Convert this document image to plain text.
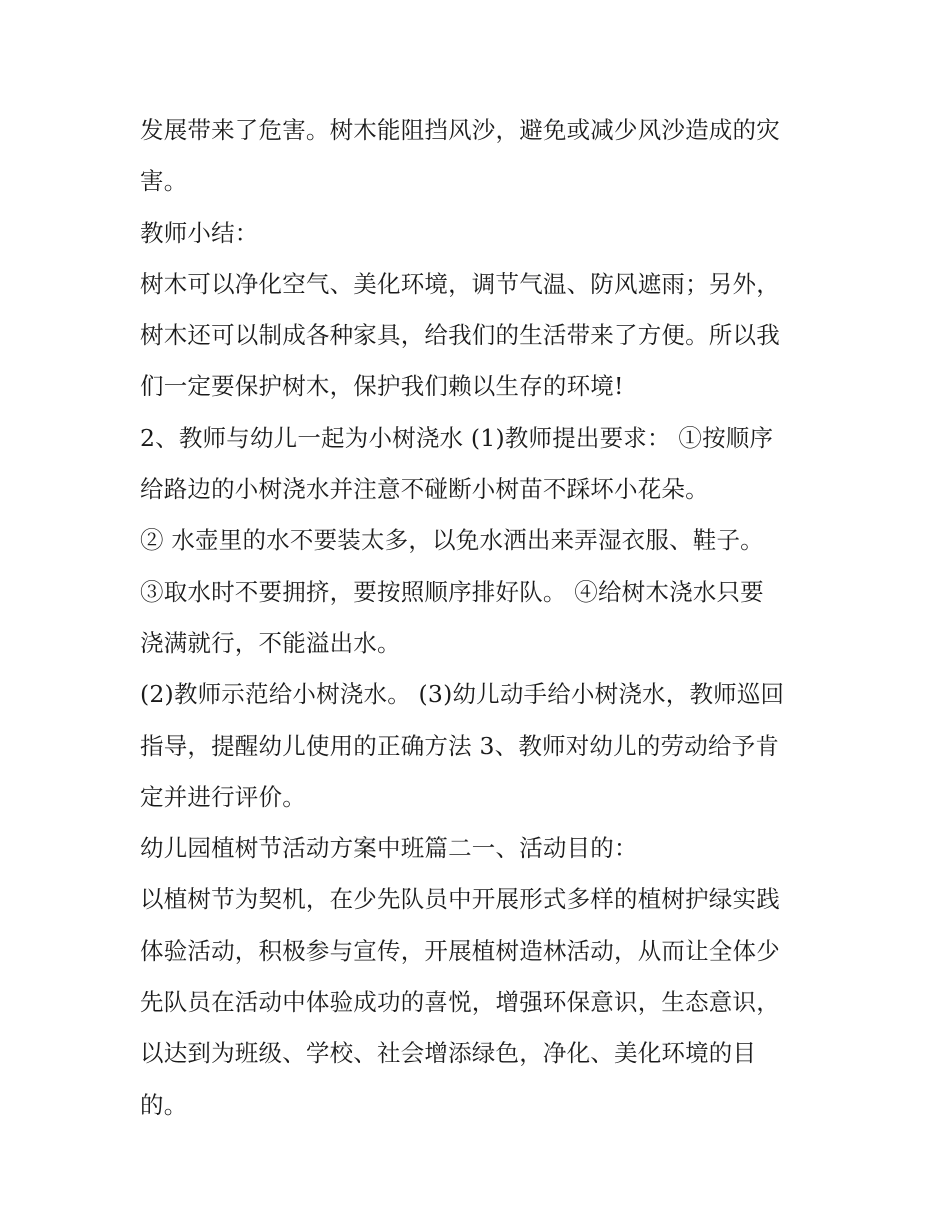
发展带来了危害。树木能阻挡风沙，避免或减少风沙造成的灾
害。
教师小结：
树木可以净化空气、美化环境，调节气温、防风遮雨；另外，
树木还可以制成各种家具，给我们的生活带来了方便。所以我
们一定要保护树木，保护我们赖以生存的环境!
2、教师与幼儿一起为小树浇水 (1)教师提出要求： ①按顺序
给路边的小树浇水并注意不碰断小树苗不踩坏小花朵。
② 水壶里的水不要装太多，以免水洒出来弄湿衣服、鞋子。
③取水时不要拥挤，要按照顺序排好队。 ④给树木浇水只要
浇满就行，不能溢出水。
(2)教师示范给小树浇水。 (3)幼儿动手给小树浇水，教师巡回
指导，提醒幼儿使用的正确方法 3、教师对幼儿的劳动给予肯
定并进行评价。
幼儿园植树节活动方案中班篇二一、活动目的：
以植树节为契机，在少先队员中开展形式多样的植树护绿实践
体验活动，积极参与宣传，开展植树造林活动，从而让全体少
先队员在活动中体验成功的喜悦，增强环保意识，生态意识，
以达到为班级、学校、社会增添绿色，净化、美化环境的目
的。
